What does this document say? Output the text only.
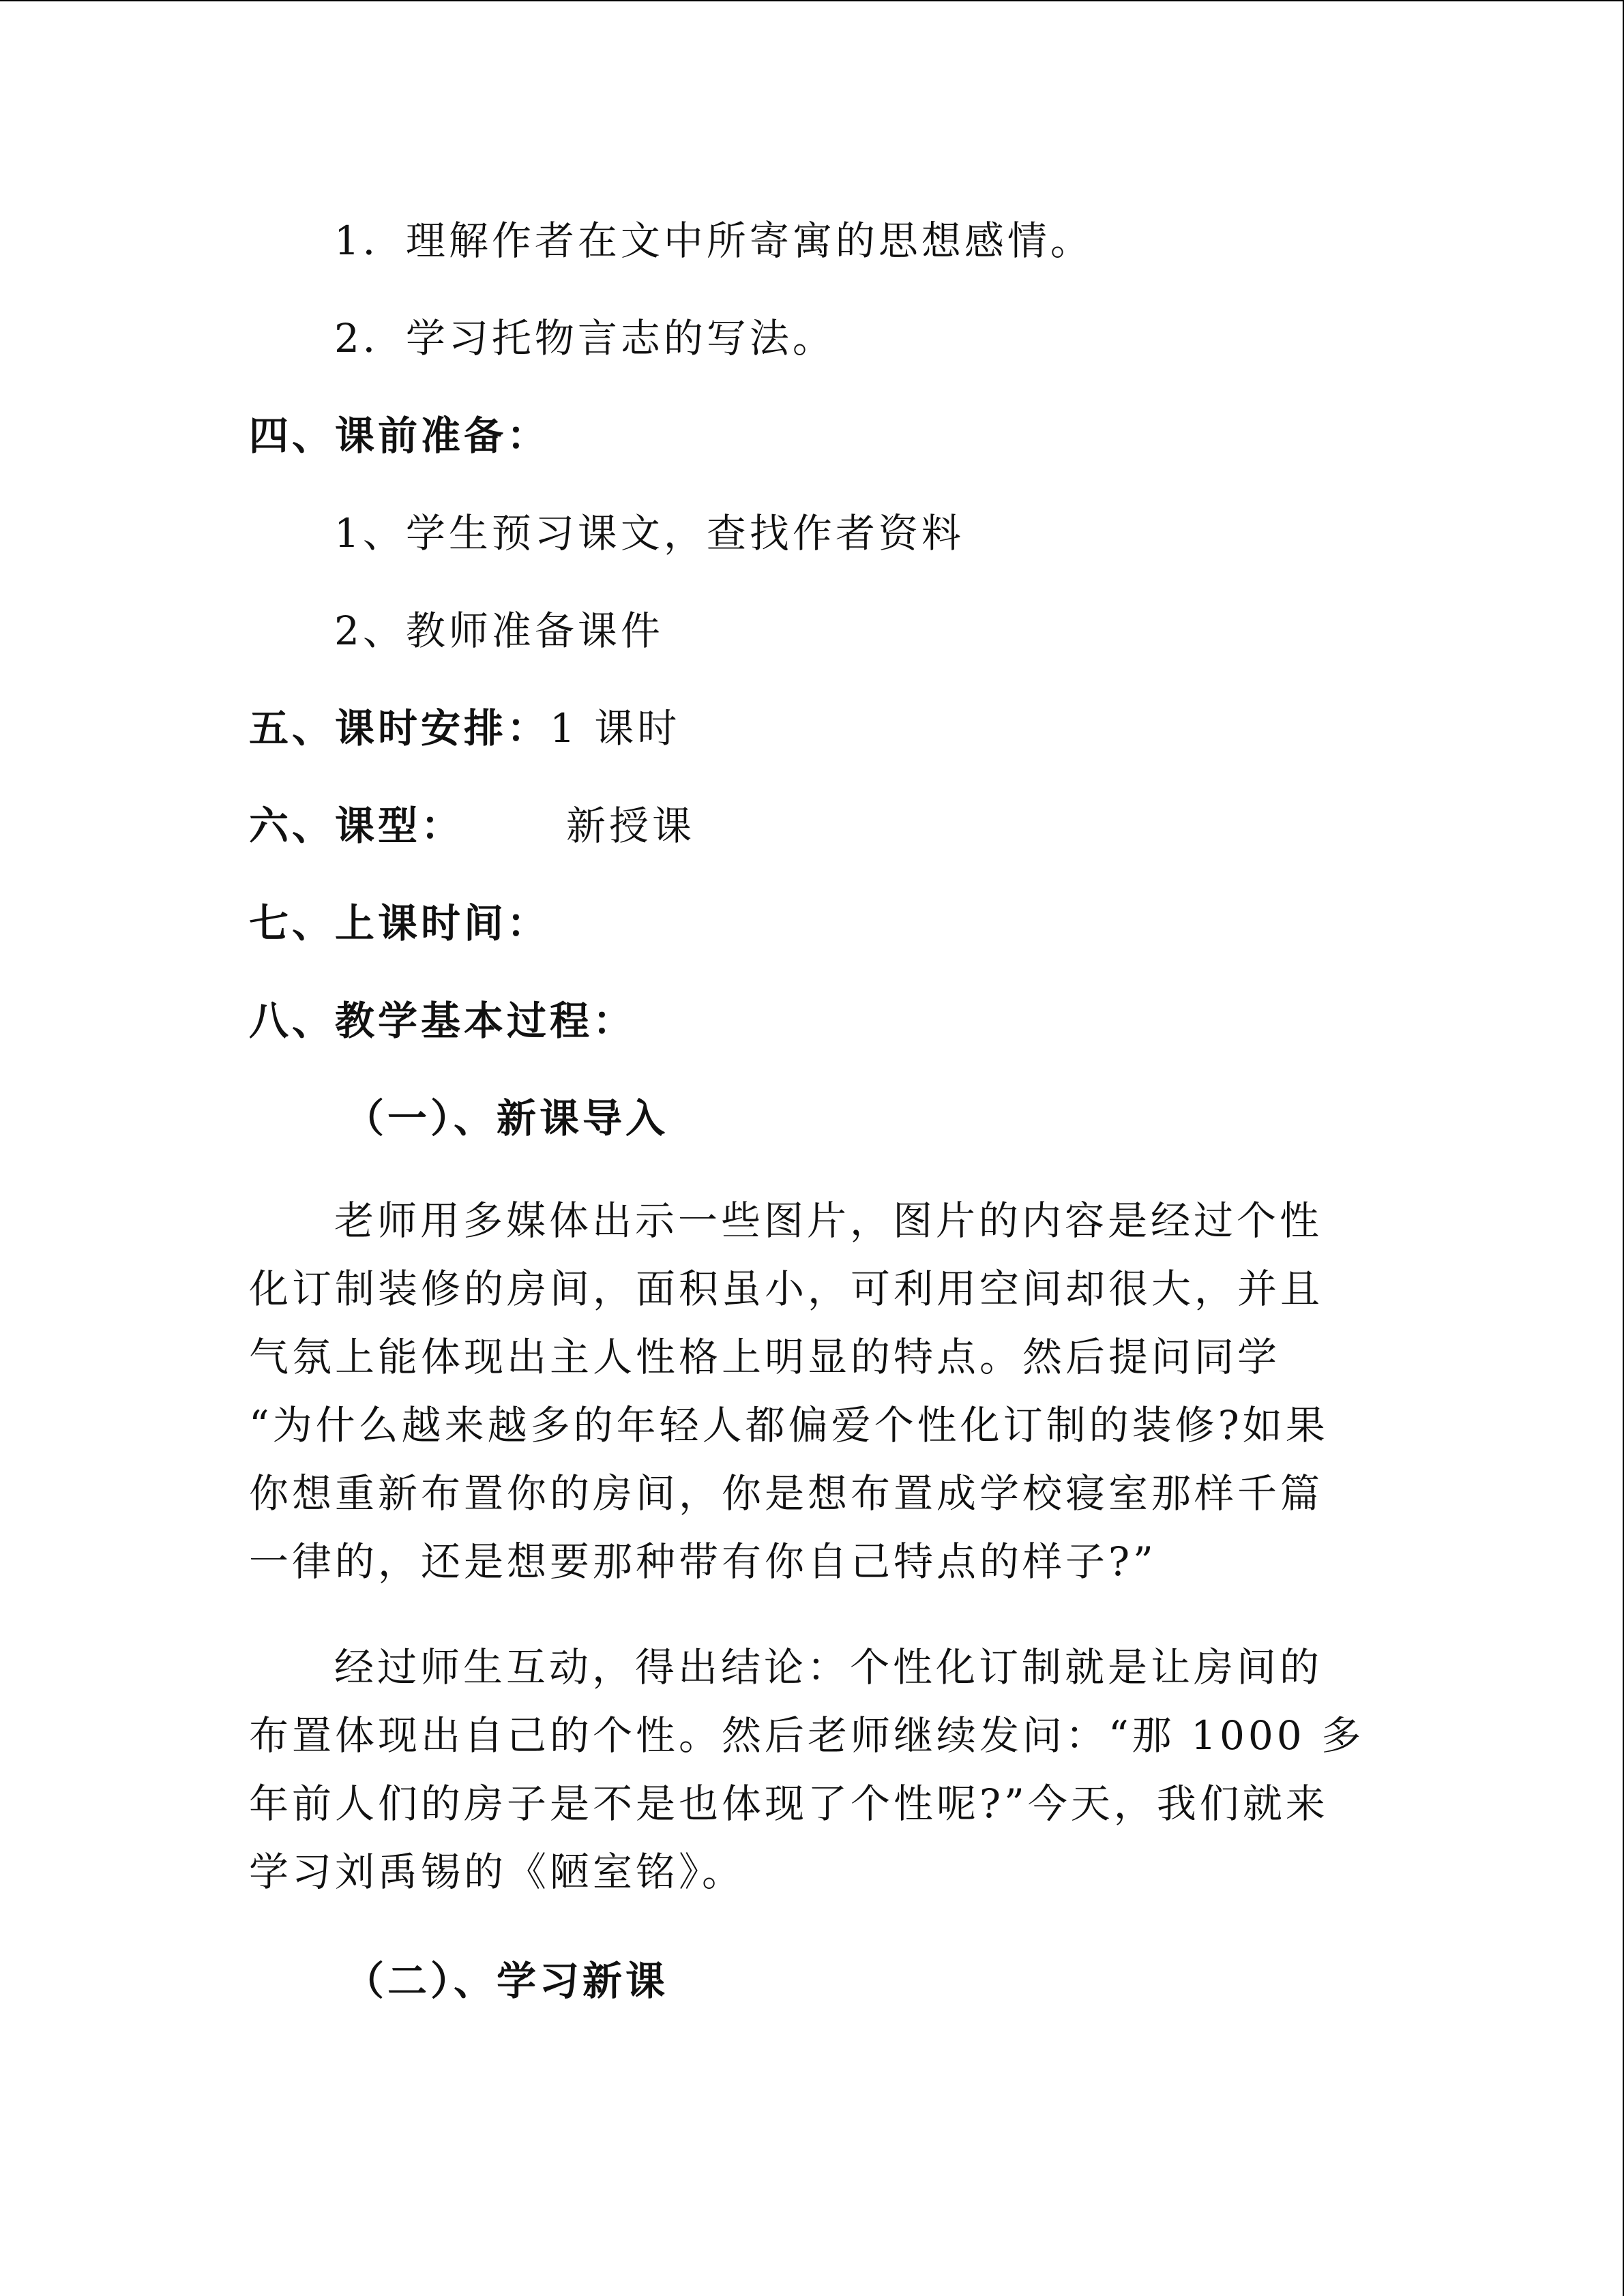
1．理解作者在文中所寄寓的思想感情。
2．学习托物言志的写法。
四、课前准备：
1、学生预习课文，查找作者资料
2、教师准备课件
五、课时安排：1 课时
六、课型：	新授课
七、上课时间：
八、教学基本过程：
（一）、新课导入
老师用多媒体出示一些图片，图片的内容是经过个性
化订制装修的房间，面积虽小，可利用空间却很大，并且
气氛上能体现出主人性格上明显的特点。然后提问同学
“为什么越来越多的年轻人都偏爱个性化订制的装修?如果
你想重新布置你的房间，你是想布置成学校寝室那样千篇
一律的，还是想要那种带有你自己特点的样子?”
经过师生互动，得出结论：个性化订制就是让房间的
布置体现出自己的个性。然后老师继续发问：“那 1000 多
年前人们的房子是不是也体现了个性呢?”今天，我们就来
学习刘禹锡的《陋室铭》。
（二）、学习新课
